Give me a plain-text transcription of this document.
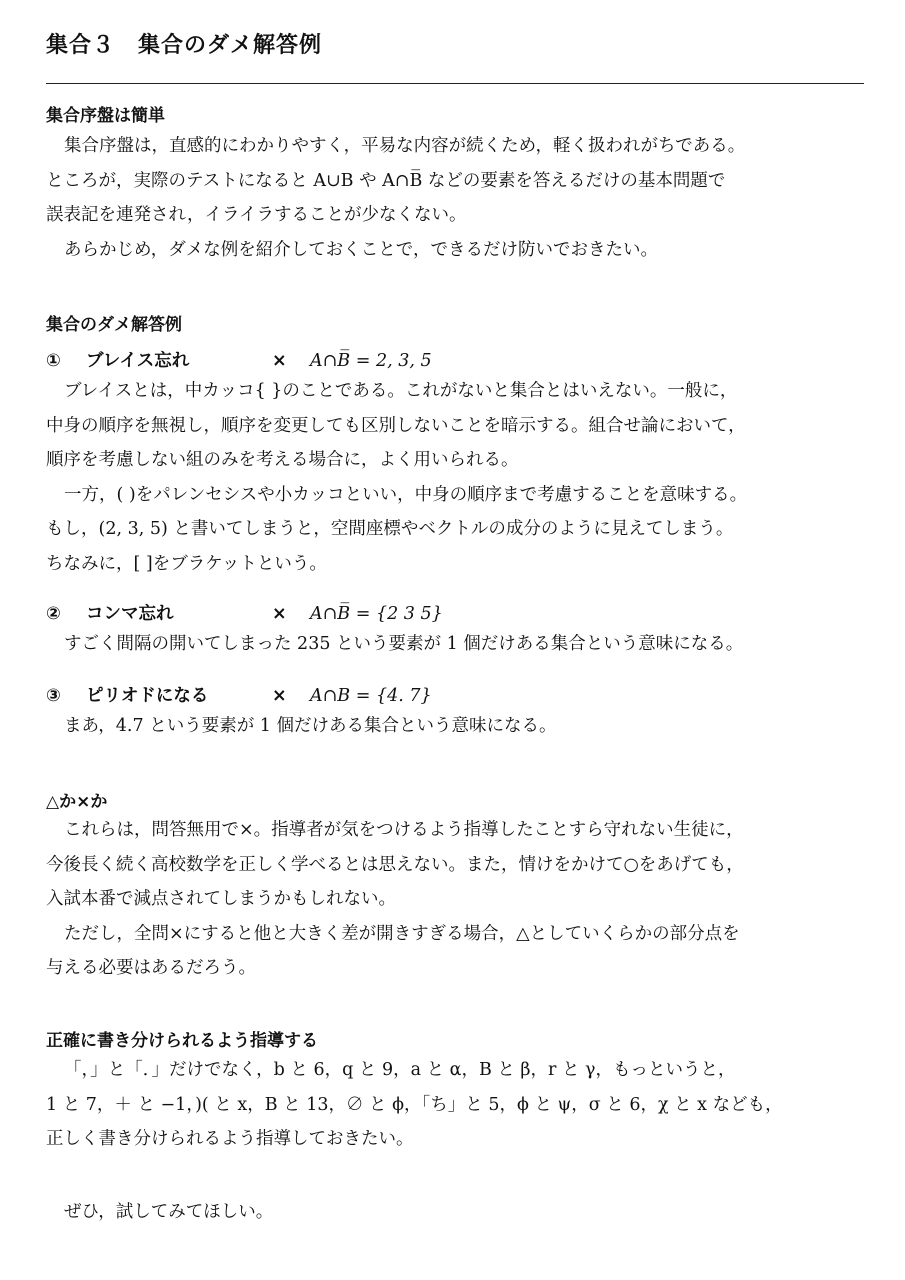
集合３　集合のダメ解答例
集合序盤は簡単
集合序盤は，直感的にわかりやすく，平易な内容が続くため，軽く扱われがちである。
ところが，実際のテストになると A∪B や A∩B̅ などの要素を答えるだけの基本問題で
誤表記を連発され，イライラすることが少なくない。
あらかじめ，ダメな例を紹介しておくことで，できるだけ防いでおきたい。
集合のダメ解答例
①	ブレイス忘れ	×	A∩B̅ = 2, 3, 5
ブレイスとは，中カッコ{ }のことである。これがないと集合とはいえない。一般に，
中身の順序を無視し，順序を変更しても区別しないことを暗示する。組合せ論において，
順序を考慮しない組のみを考える場合に，よく用いられる。
一方，( )をパレンセシスや小カッコといい，中身の順序まで考慮することを意味する。
もし，(2, 3, 5) と書いてしまうと，空間座標やベクトルの成分のように見えてしまう。
ちなみに，[ ]をブラケットという。
②	コンマ忘れ	×	A∩B̅ = {2 3 5}
すごく間隔の開いてしまった 235 という要素が 1 個だけある集合という意味になる。
③	ピリオドになる	×	A∩B = {4. 7}
まあ，4.7 という要素が 1 個だけある集合という意味になる。
△か×か
これらは，問答無用で×。指導者が気をつけるよう指導したことすら守れない生徒に，
今後長く続く高校数学を正しく学べるとは思えない。また，情けをかけて○をあげても，
入試本番で減点されてしまうかもしれない。
ただし，全問×にすると他と大きく差が開きすぎる場合，△としていくらかの部分点を
与える必要はあるだろう。
正確に書き分けられるよう指導する
「，」と「．」だけでなく，b と 6，q と 9，a と α，B と β，r と γ，もっというと，
1 と 7，＋ と −1，)( と x，B と 13，∅ と ϕ，「ち」と 5，ϕ と ψ，σ と 6，χ と x なども，
正しく書き分けられるよう指導しておきたい。
ぜひ，試してみてほしい。
